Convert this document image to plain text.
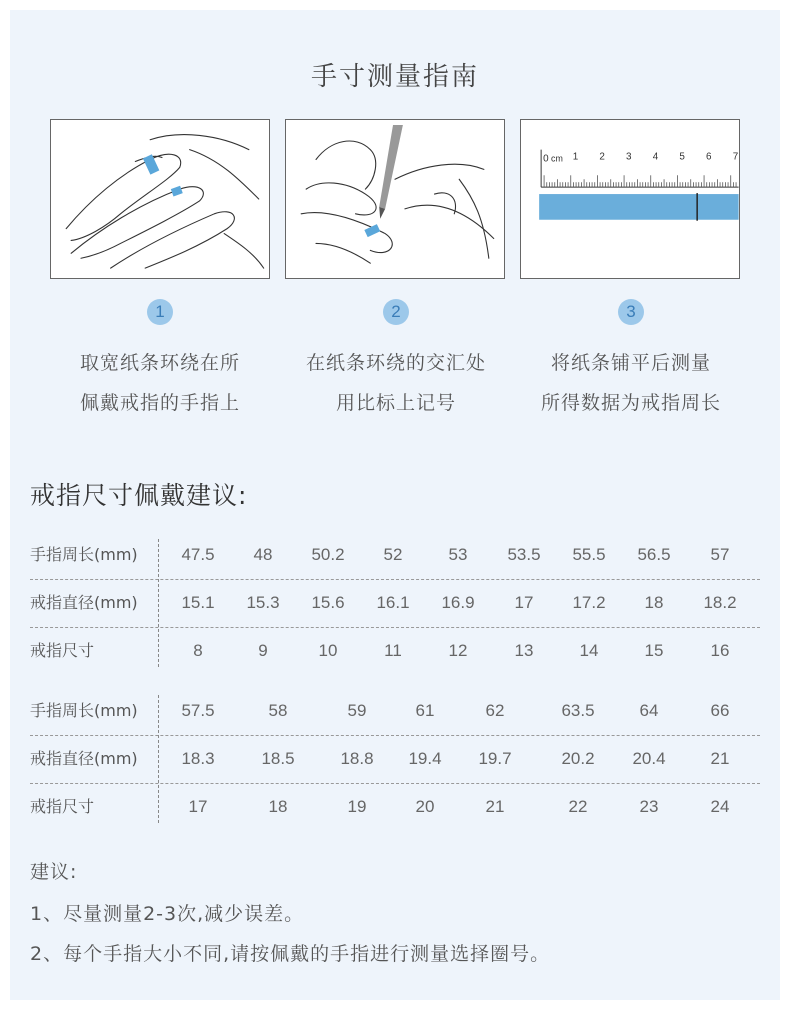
手寸测量指南
0 cm 1 2 3 4 5 6 7
1	2	3
取宽纸条环绕在所
佩戴戒指的手指上
在纸条环绕的交汇处
用比标上记号
将纸条铺平后测量
所得数据为戒指周长
戒指尺寸佩戴建议:
手指周长(mm)	47.5	48	50.2	52	53	53.5	55.5	56.5	57
戒指直径(mm)	15.1	15.3	15.6	16.1	16.9	17	17.2	18	18.2
戒指尺寸	8	9	10	11	12	13	14	15	16
手指周长(mm)	57.5	58	59	61	62	63.5	64	66
戒指直径(mm)	18.3	18.5	18.8	19.4	19.7	20.2	20.4	21
戒指尺寸	17	18	19	20	21	22	23	24
建议:
1、尽量测量2-3次,减少误差。
2、每个手指大小不同,请按佩戴的手指进行测量选择圈号。
